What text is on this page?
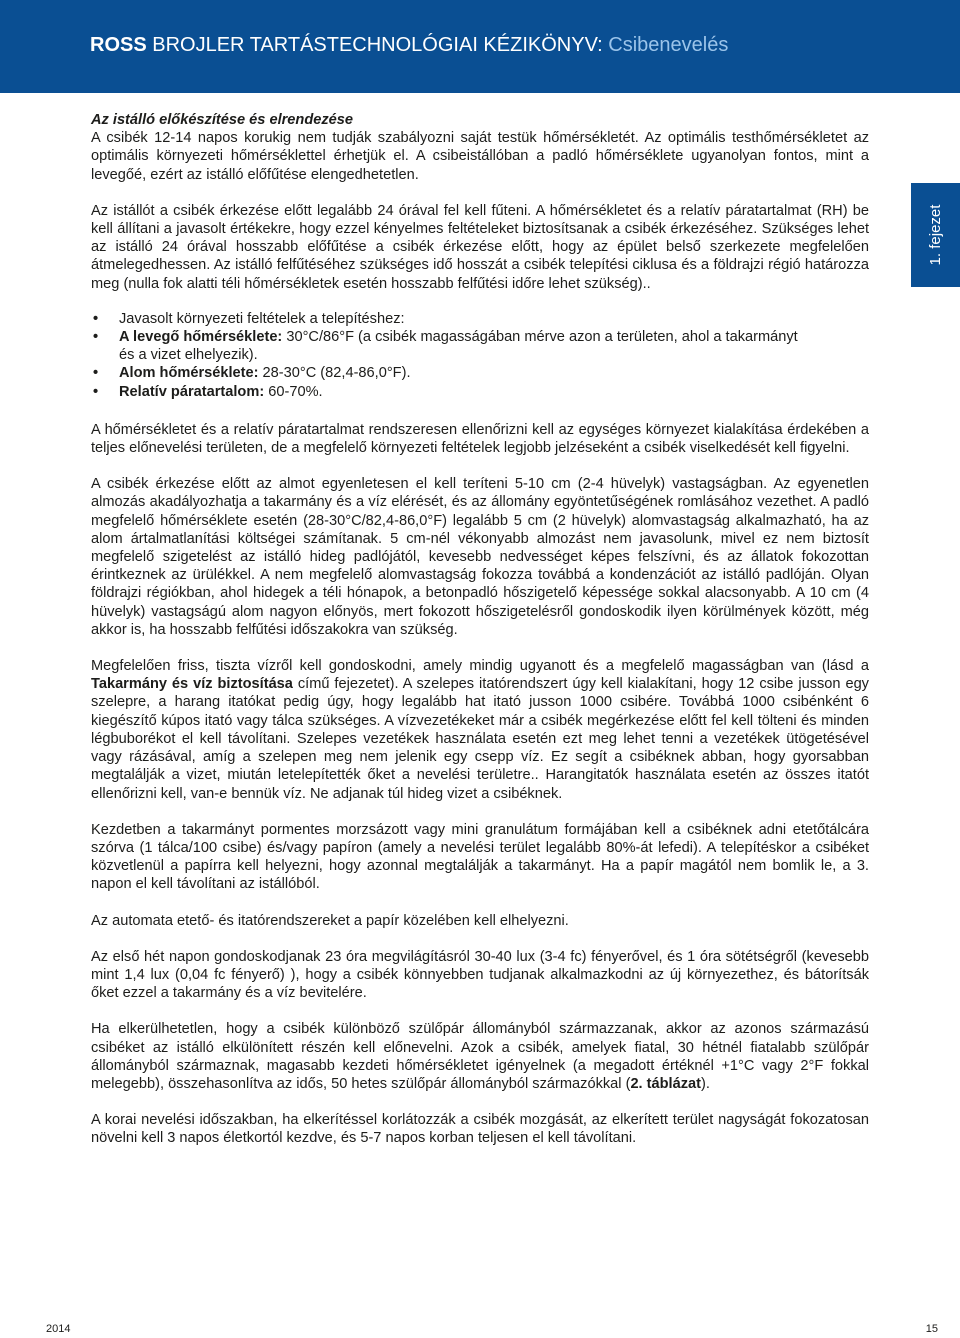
ROSS BROJLER TARTÁSTECHNOLÓGIAI KÉZIKÖNYV: Csibenevelés
1. fejezet

Az istálló előkészítése és elrendezése

A csibék 12-14 napos korukig nem tudják szabályozni saját testük hőmérsékletét. Az optimális testhőmérsékletet az optimális környezeti hőmérséklettel érhetjük el. A csibeistállóban a padló hőmérséklete ugyanolyan fontos, mint a levegőé, ezért az istálló előfűtése elengedhetetlen.

Az istállót a csibék érkezése előtt legalább 24 órával fel kell fűteni. A hőmérsékletet és a relatív páratartalmat (RH) be kell állítani a javasolt értékekre, hogy ezzel kényelmes feltételeket biztosítsanak a csibék érkezéséhez. Szükséges lehet az istálló 24 órával hosszabb előfűtése a csibék érkezése előtt, hogy az épület belső szerkezete megfelelően átmelegedhessen. Az istálló felfűtéséhez szükséges idő hosszát a csibék telepítési ciklusa és a földrajzi régió határozza meg (nulla fok alatti téli hőmérsékletek esetén hosszabb felfűtési időre lehet szükség)..

• Javasolt környezeti feltételek a telepítéshez:
• A levegő hőmérséklete: 30°C/86°F (a csibék magasságában mérve azon a területen, ahol a takarmányt
és a vizet elhelyezik).
• Alom hőmérséklete: 28-30°C (82,4-86,0°F).
• Relatív páratartalom: 60-70%.

A hőmérsékletet és a relatív páratartalmat rendszeresen ellenőrizni kell az egységes környezet kialakítása érdekében a teljes előnevelési területen, de a megfelelő környezeti feltételek legjobb jelzéseként a csibék viselkedését kell figyelni.

A csibék érkezése előtt az almot egyenletesen el kell teríteni 5-10 cm (2-4 hüvelyk) vastagságban. Az egyenetlen almozás akadályozhatja a takarmány és a víz elérését, és az állomány egyöntetűségének romlásához vezethet. A padló megfelelő hőmérséklete esetén (28-30°C/82,4-86,0°F) legalább 5 cm (2 hüvelyk) alomvastagság alkalmazható, ha az alom ártalmatlanítási költségei számítanak. 5 cm-nél vékonyabb almozást nem javasolunk, mivel ez nem biztosít megfelelő szigetelést az istálló hideg padlójától, kevesebb nedvességet képes felszívni, és az állatok fokozottan érintkeznek az ürülékkel. A nem megfelelő alomvastagság fokozza továbbá a kondenzációt az istálló padlóján. Olyan földrajzi régiókban, ahol hidegek a téli hónapok, a betonpadló hőszigetelő képessége sokkal alacsonyabb. A 10 cm (4 hüvelyk) vastagságú alom nagyon előnyös, mert fokozott hőszigetelésről gondoskodik ilyen körülmények között, még akkor is, ha hosszabb felfűtési időszakokra van szükség.

Megfelelően friss, tiszta vízről kell gondoskodni, amely mindig ugyanott és a megfelelő magasságban van (lásd a Takarmány és víz biztosítása című fejezetet). A szelepes itatórendszert úgy kell kialakítani, hogy 12 csibe jusson egy szelepre, a harang itatókat pedig úgy, hogy legalább hat itató jusson 1000 csibére. Továbbá 1000 csibénként 6 kiegészítő kúpos itató vagy tálca szükséges. A vízvezetékeket már a csibék megérkezése előtt fel kell tölteni és minden légbuborékot el kell távolítani. Szelepes vezetékek használata esetén ezt meg lehet tenni a vezetékek ütögetésével vagy rázásával, amíg a szelepen meg nem jelenik egy csepp víz. Ez segít a csibéknek abban, hogy gyorsabban megtalálják a vizet, miután letelepítették őket a nevelési területre.. Harangitatók használata esetén az összes itatót ellenőrizni kell, van-e bennük víz. Ne adjanak túl hideg vizet a csibéknek.

Kezdetben a takarmányt pormentes morzsázott vagy mini granulátum formájában kell a csibéknek adni etetőtálcára szórva (1 tálca/100 csibe) és/vagy papíron (amely a nevelési terület legalább 80%-át lefedi). A telepítéskor a csibéket közvetlenül a papírra kell helyezni, hogy azonnal megtalálják a takarmányt. Ha a papír magától nem bomlik le, a 3. napon el kell távolítani az istállóból.

Az automata etető- és itatórendszereket a papír közelében kell elhelyezni.

Az első hét napon gondoskodjanak 23 óra megvilágításról 30-40 lux (3-4 fc) fényerővel, és 1 óra sötétségről (kevesebb mint 1,4 lux (0,04 fc fényerő) ), hogy a csibék könnyebben tudjanak alkalmazkodni az új környezethez, és bátorítsák őket ezzel a takarmány és a víz bevitelére.

Ha elkerülhetetlen, hogy a csibék különböző szülőpár állományból származzanak, akkor az azonos származású csibéket az istálló elkülönített részén kell előnevelni. Azok a csibék, amelyek fiatal, 30 hétnél fiatalabb szülőpár állományból származnak, magasabb kezdeti hőmérsékletet igényelnek (a megadott értéknél +1°C vagy 2°F fokkal melegebb), összehasonlítva az idős, 50 hetes szülőpár állományból származókkal (2. táblázat).

A korai nevelési időszakban, ha elkerítéssel korlátozzák a csibék mozgását, az elkerített terület nagyságát fokozatosan növelni kell 3 napos életkortól kezdve, és 5-7 napos korban teljesen el kell távolítani.

2014	15
